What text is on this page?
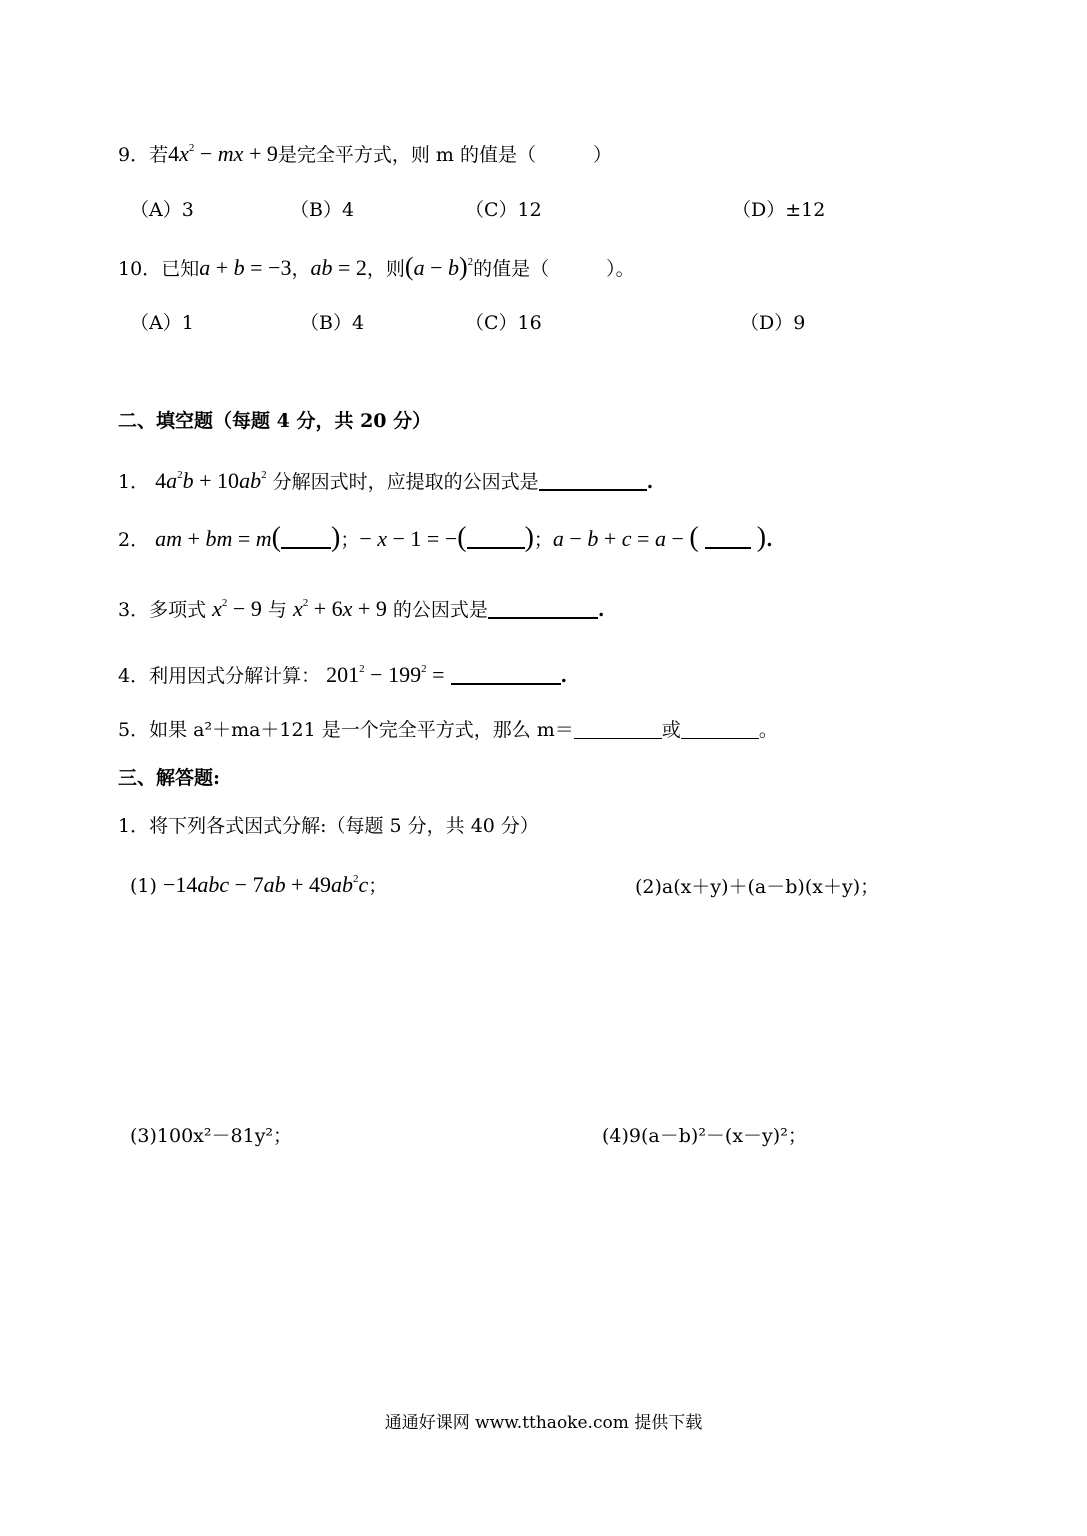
9．若$4x^2$ − mx + 9是完全平方式，则 m 的值是（　　　）
（A）3	（B）4	（C）12	（D）±12
10．已知a + b = −3，ab = 2，则$(a - b)^2$的值是（　　　）。
（A）1	（B）4	（C）16	（D）9
二、填空题（每题 4 分，共 20 分）
1． $4a^2b + 10ab^2$ 分解因式时，应提取的公因式是	.
2． am + bm = m( )；− x − 1 = −( )；a − b + c = a − ( ).
3．多项式 $x^2 - 9$ 与 $x^2 + 6x + 9$ 的公因式是	.
4．利用因式分解计算： $201^2 - 199^2$ =	.
5．如果 a²＋ma＋121 是一个完全平方式，那么 m＝	或	。
三、解答题:
1．将下列各式因式分解:（每题 5 分，共 40 分）
$(1) -14abc - 7ab + 49ab^2c$；	(2)a(x＋y)＋(a－b)(x＋y)；
(3)100x²－81y²；	(4)9(a－b)²－(x－y)²；
通通好课网 www.tthaoke.com 提供下载
